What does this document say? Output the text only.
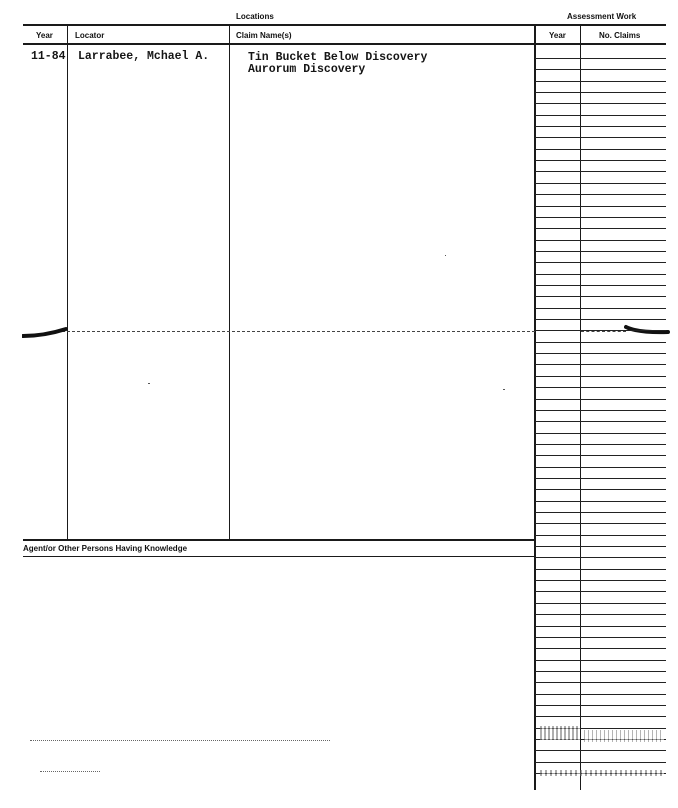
Locations	Assessment Work
Year	Locator	Claim Name(s)	Year	No. Claims
11-84 Larrabee, Mchael A.	Tin Bucket Below Discovery
Aurorum Discovery
Agent/or Other Persons Having Knowledge
